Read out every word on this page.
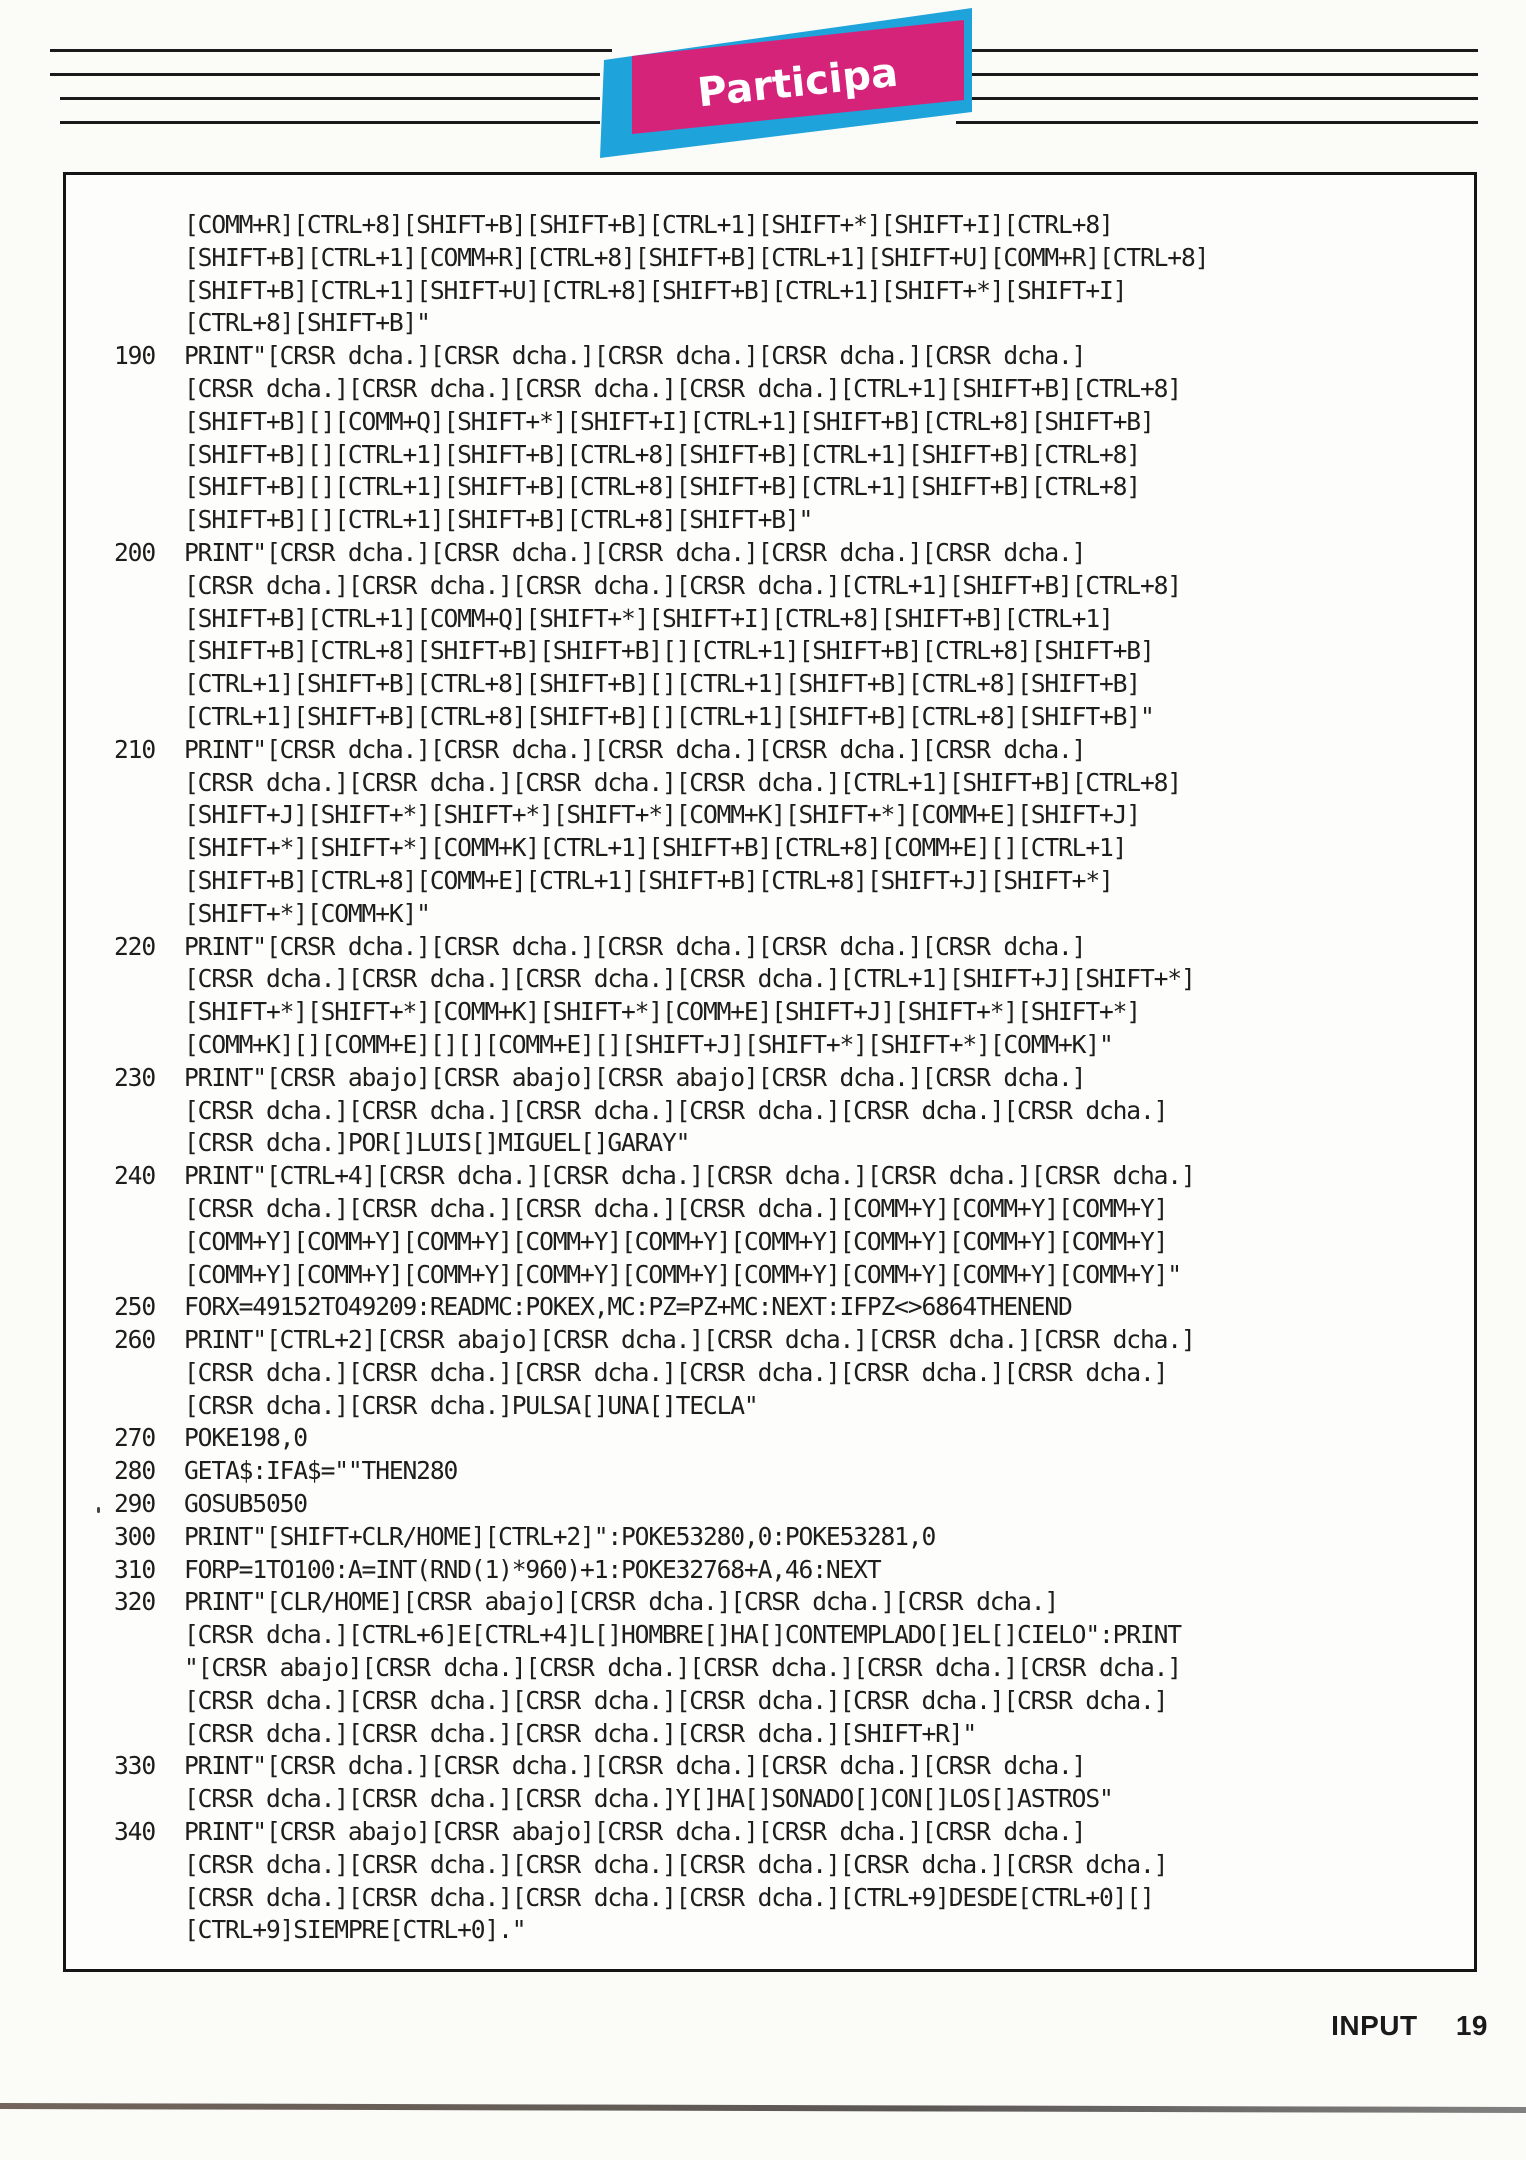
Participa
[COMM+R][CTRL+8][SHIFT+B][SHIFT+B][CTRL+1][SHIFT+*][SHIFT+I][CTRL+8]
[SHIFT+B][CTRL+1][COMM+R][CTRL+8][SHIFT+B][CTRL+1][SHIFT+U][COMM+R][CTRL+8]
[SHIFT+B][CTRL+1][SHIFT+U][CTRL+8][SHIFT+B][CTRL+1][SHIFT+*][SHIFT+I]
[CTRL+8][SHIFT+B]"
190	PRINT"[CRSR dcha.][CRSR dcha.][CRSR dcha.][CRSR dcha.][CRSR dcha.]
[CRSR dcha.][CRSR dcha.][CRSR dcha.][CRSR dcha.][CTRL+1][SHIFT+B][CTRL+8]
[SHIFT+B][][COMM+Q][SHIFT+*][SHIFT+I][CTRL+1][SHIFT+B][CTRL+8][SHIFT+B]
[SHIFT+B][][CTRL+1][SHIFT+B][CTRL+8][SHIFT+B][CTRL+1][SHIFT+B][CTRL+8]
[SHIFT+B][][CTRL+1][SHIFT+B][CTRL+8][SHIFT+B][CTRL+1][SHIFT+B][CTRL+8]
[SHIFT+B][][CTRL+1][SHIFT+B][CTRL+8][SHIFT+B]"
200	PRINT"[CRSR dcha.][CRSR dcha.][CRSR dcha.][CRSR dcha.][CRSR dcha.]
[CRSR dcha.][CRSR dcha.][CRSR dcha.][CRSR dcha.][CTRL+1][SHIFT+B][CTRL+8]
[SHIFT+B][CTRL+1][COMM+Q][SHIFT+*][SHIFT+I][CTRL+8][SHIFT+B][CTRL+1]
[SHIFT+B][CTRL+8][SHIFT+B][SHIFT+B][][CTRL+1][SHIFT+B][CTRL+8][SHIFT+B]
[CTRL+1][SHIFT+B][CTRL+8][SHIFT+B][][CTRL+1][SHIFT+B][CTRL+8][SHIFT+B]
[CTRL+1][SHIFT+B][CTRL+8][SHIFT+B][][CTRL+1][SHIFT+B][CTRL+8][SHIFT+B]"
210	PRINT"[CRSR dcha.][CRSR dcha.][CRSR dcha.][CRSR dcha.][CRSR dcha.]
[CRSR dcha.][CRSR dcha.][CRSR dcha.][CRSR dcha.][CTRL+1][SHIFT+B][CTRL+8]
[SHIFT+J][SHIFT+*][SHIFT+*][SHIFT+*][COMM+K][SHIFT+*][COMM+E][SHIFT+J]
[SHIFT+*][SHIFT+*][COMM+K][CTRL+1][SHIFT+B][CTRL+8][COMM+E][][CTRL+1]
[SHIFT+B][CTRL+8][COMM+E][CTRL+1][SHIFT+B][CTRL+8][SHIFT+J][SHIFT+*]
[SHIFT+*][COMM+K]"
220	PRINT"[CRSR dcha.][CRSR dcha.][CRSR dcha.][CRSR dcha.][CRSR dcha.]
[CRSR dcha.][CRSR dcha.][CRSR dcha.][CRSR dcha.][CTRL+1][SHIFT+J][SHIFT+*]
[SHIFT+*][SHIFT+*][COMM+K][SHIFT+*][COMM+E][SHIFT+J][SHIFT+*][SHIFT+*]
[COMM+K][][COMM+E][][][COMM+E][][SHIFT+J][SHIFT+*][SHIFT+*][COMM+K]"
230	PRINT"[CRSR abajo][CRSR abajo][CRSR abajo][CRSR dcha.][CRSR dcha.]
[CRSR dcha.][CRSR dcha.][CRSR dcha.][CRSR dcha.][CRSR dcha.][CRSR dcha.]
[CRSR dcha.]POR[]LUIS[]MIGUEL[]GARAY"
240	PRINT"[CTRL+4][CRSR dcha.][CRSR dcha.][CRSR dcha.][CRSR dcha.][CRSR dcha.]
[CRSR dcha.][CRSR dcha.][CRSR dcha.][CRSR dcha.][COMM+Y][COMM+Y][COMM+Y]
[COMM+Y][COMM+Y][COMM+Y][COMM+Y][COMM+Y][COMM+Y][COMM+Y][COMM+Y][COMM+Y]
[COMM+Y][COMM+Y][COMM+Y][COMM+Y][COMM+Y][COMM+Y][COMM+Y][COMM+Y][COMM+Y]"
250	FORX=49152TO49209:READMC:POKEX,MC:PZ=PZ+MC:NEXT:IFPZ<>6864THENEND
260	PRINT"[CTRL+2][CRSR abajo][CRSR dcha.][CRSR dcha.][CRSR dcha.][CRSR dcha.]
[CRSR dcha.][CRSR dcha.][CRSR dcha.][CRSR dcha.][CRSR dcha.][CRSR dcha.]
[CRSR dcha.][CRSR dcha.]PULSA[]UNA[]TECLA"
270	POKE198,0
280	GETA$:IFA$=""THEN280
290	GOSUB5050
300	PRINT"[SHIFT+CLR/HOME][CTRL+2]":POKE53280,0:POKE53281,0
310	FORP=1TO100:A=INT(RND(1)*960)+1:POKE32768+A,46:NEXT
320	PRINT"[CLR/HOME][CRSR abajo][CRSR dcha.][CRSR dcha.][CRSR dcha.]
[CRSR dcha.][CTRL+6]E[CTRL+4]L[]HOMBRE[]HA[]CONTEMPLADO[]EL[]CIELO":PRINT
"[CRSR abajo][CRSR dcha.][CRSR dcha.][CRSR dcha.][CRSR dcha.][CRSR dcha.]
[CRSR dcha.][CRSR dcha.][CRSR dcha.][CRSR dcha.][CRSR dcha.][CRSR dcha.]
[CRSR dcha.][CRSR dcha.][CRSR dcha.][CRSR dcha.][SHIFT+R]"
330	PRINT"[CRSR dcha.][CRSR dcha.][CRSR dcha.][CRSR dcha.][CRSR dcha.]
[CRSR dcha.][CRSR dcha.][CRSR dcha.]Y[]HA[]SONADO[]CON[]LOS[]ASTROS"
340	PRINT"[CRSR abajo][CRSR abajo][CRSR dcha.][CRSR dcha.][CRSR dcha.]
[CRSR dcha.][CRSR dcha.][CRSR dcha.][CRSR dcha.][CRSR dcha.][CRSR dcha.]
[CRSR dcha.][CRSR dcha.][CRSR dcha.][CRSR dcha.][CTRL+9]DESDE[CTRL+0][]
[CTRL+9]SIEMPRE[CTRL+0]."
INPUT 19
